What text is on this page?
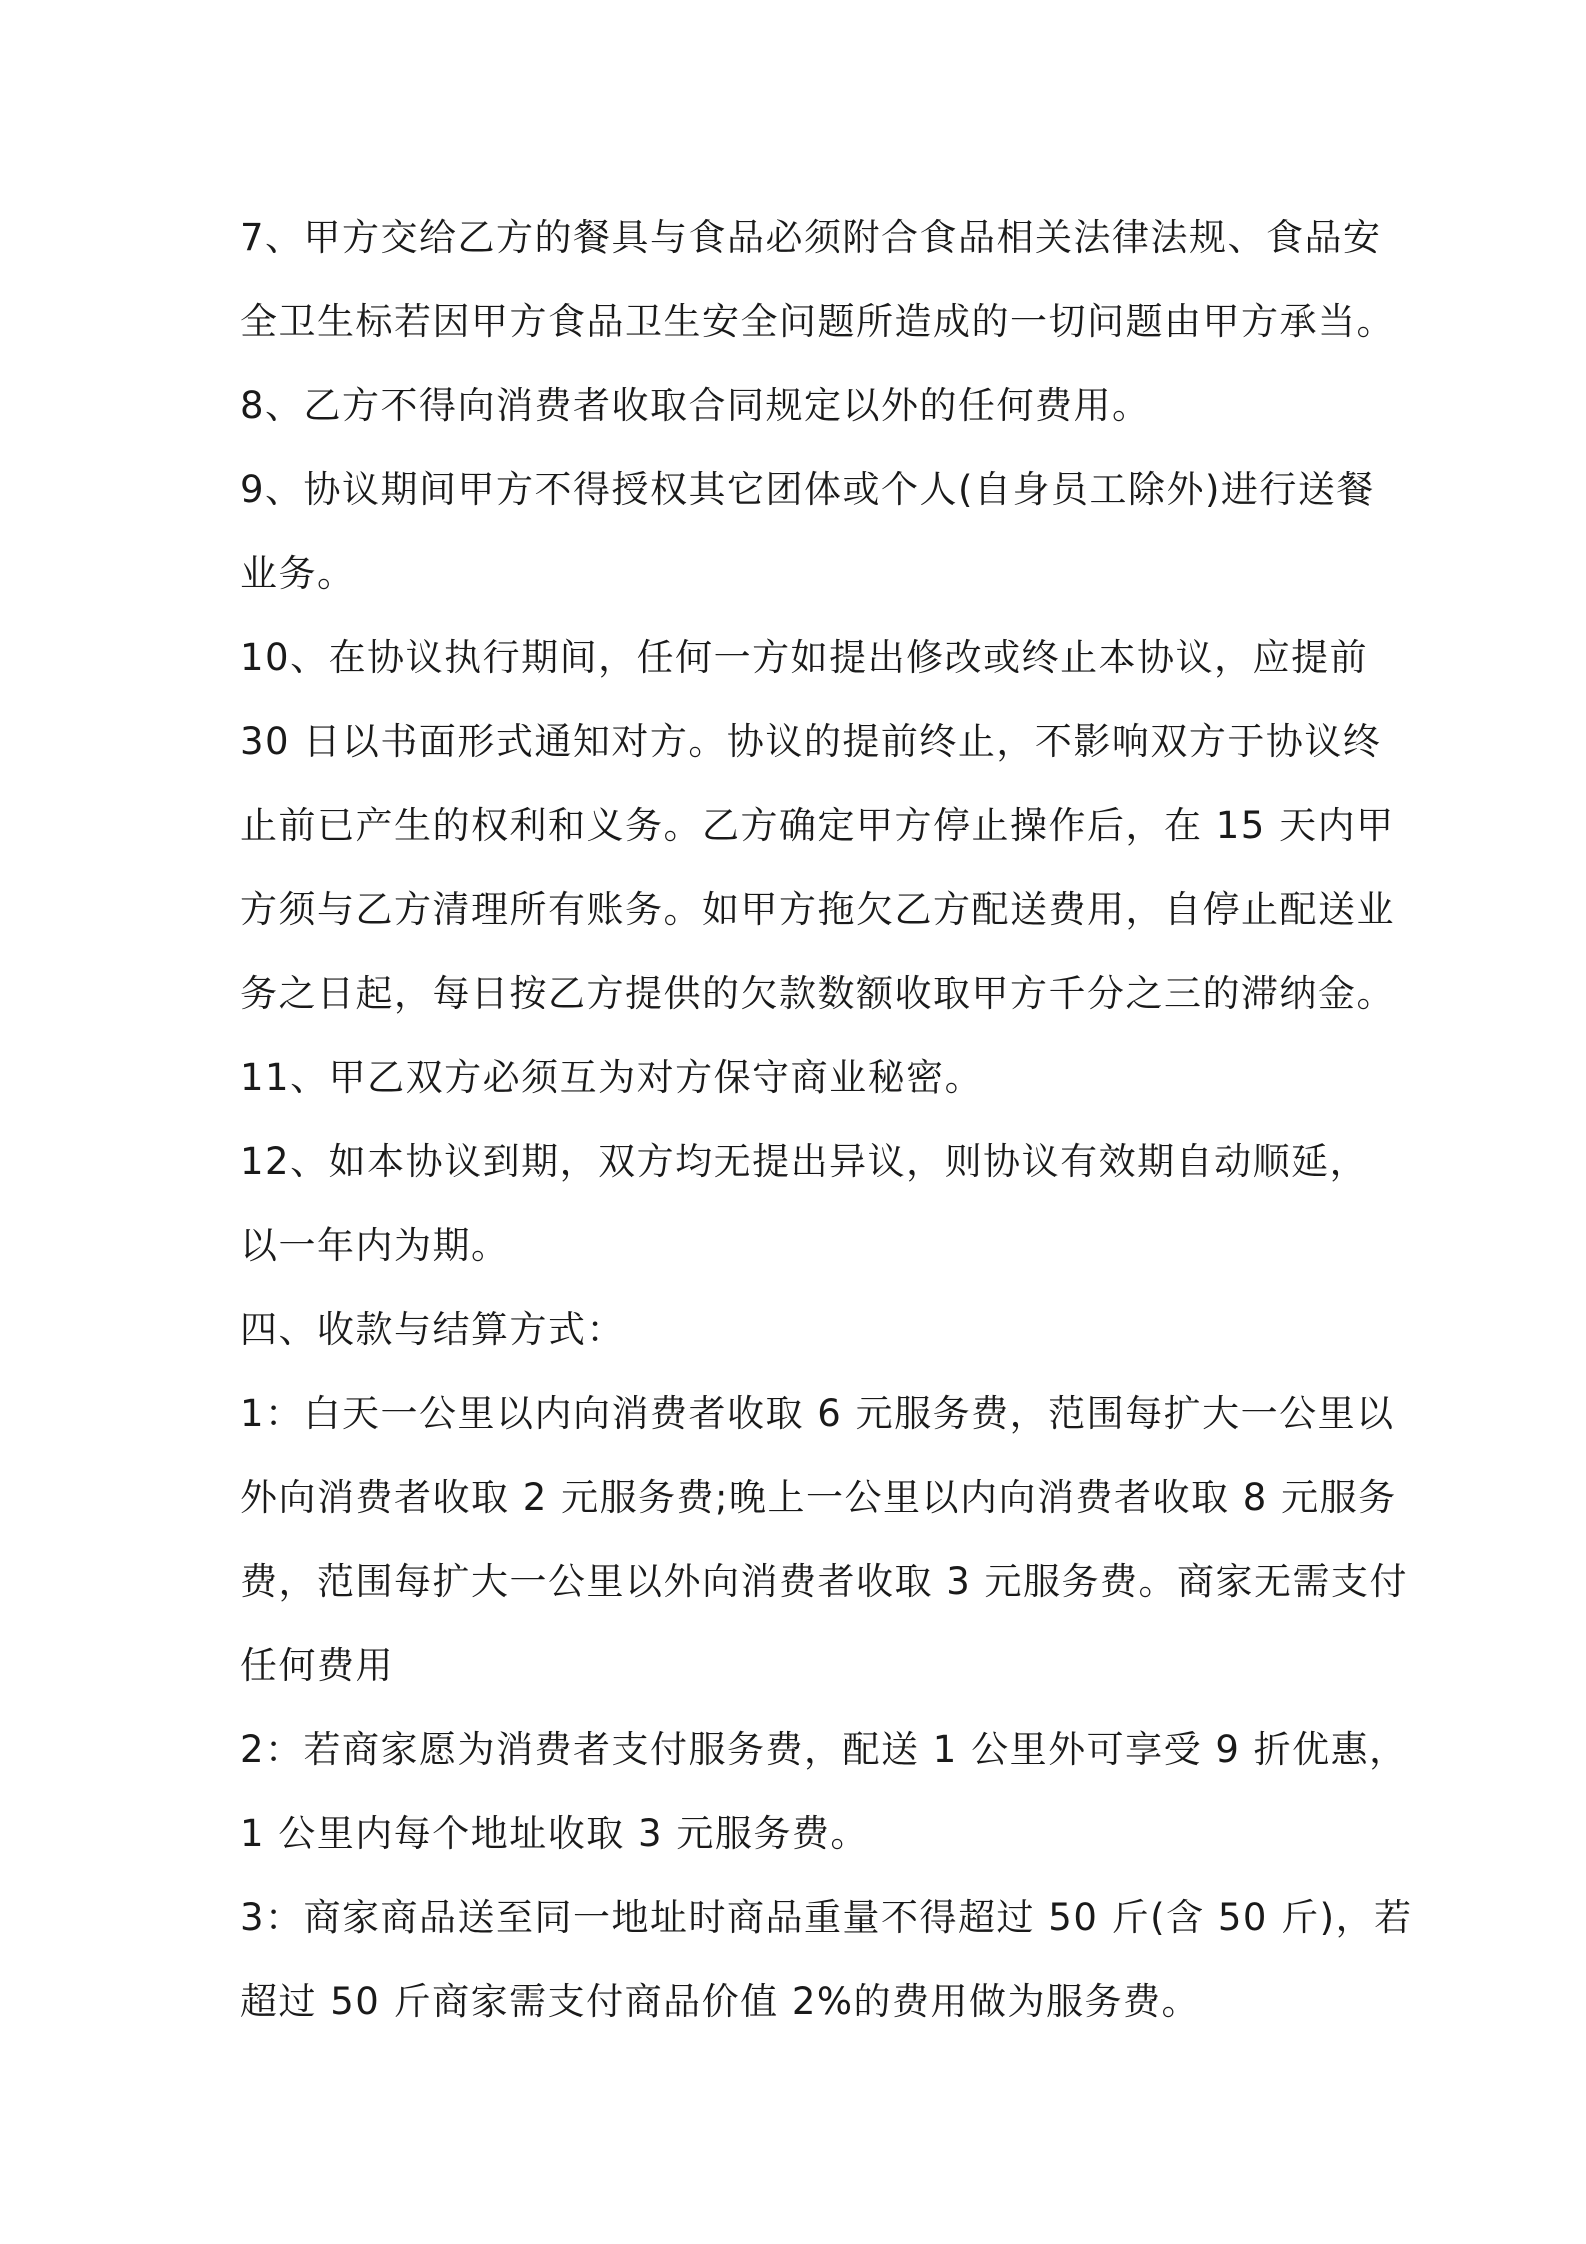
7、甲方交给乙方的餐具与食品必须附合食品相关法律法规、食品安
全卫生标若因甲方食品卫生安全问题所造成的一切问题由甲方承当。
8、乙方不得向消费者收取合同规定以外的任何费用。
9、协议期间甲方不得授权其它团体或个人(自身员工除外)进行送餐
业务。
10、在协议执行期间，任何一方如提出修改或终止本协议，应提前
30 日以书面形式通知对方。协议的提前终止，不影响双方于协议终
止前已产生的权利和义务。乙方确定甲方停止操作后，在 15 天内甲
方须与乙方清理所有账务。如甲方拖欠乙方配送费用，自停止配送业
务之日起，每日按乙方提供的欠款数额收取甲方千分之三的滞纳金。
11、甲乙双方必须互为对方保守商业秘密。
12、如本协议到期，双方均无提出异议，则协议有效期自动顺延，
以一年内为期。
四、收款与结算方式：
1：白天一公里以内向消费者收取 6 元服务费，范围每扩大一公里以
外向消费者收取 2 元服务费;晚上一公里以内向消费者收取 8 元服务
费，范围每扩大一公里以外向消费者收取 3 元服务费。商家无需支付
任何费用
2：若商家愿为消费者支付服务费，配送 1 公里外可享受 9 折优惠，
1 公里内每个地址收取 3 元服务费。
3：商家商品送至同一地址时商品重量不得超过 50 斤(含 50 斤)，若
超过 50 斤商家需支付商品价值 2%的费用做为服务费。
